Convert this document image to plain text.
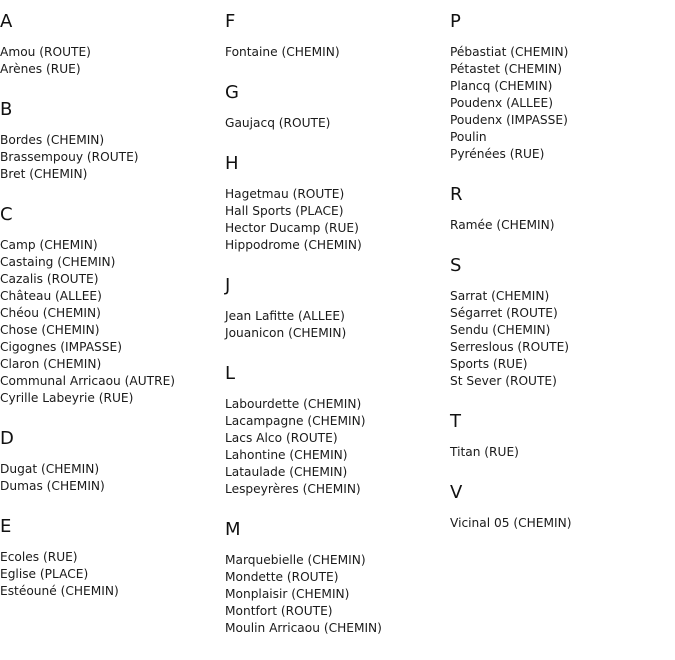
A
Amou (ROUTE)
Arènes (RUE)
B
Bordes (CHEMIN)
Brassempouy (ROUTE)
Bret (CHEMIN)
C
Camp (CHEMIN)
Castaing (CHEMIN)
Cazalis (ROUTE)
Château (ALLEE)
Chéou (CHEMIN)
Chose (CHEMIN)
Cigognes (IMPASSE)
Claron (CHEMIN)
Communal Arricaou (AUTRE)
Cyrille Labeyrie (RUE)
D
Dugat (CHEMIN)
Dumas (CHEMIN)
E
Ecoles (RUE)
Eglise (PLACE)
Estéouné (CHEMIN)
F
Fontaine (CHEMIN)
G
Gaujacq (ROUTE)
H
Hagetmau (ROUTE)
Hall Sports (PLACE)
Hector Ducamp (RUE)
Hippodrome (CHEMIN)
J
Jean Lafitte (ALLEE)
Jouanicon (CHEMIN)
L
Labourdette (CHEMIN)
Lacampagne (CHEMIN)
Lacs Alco (ROUTE)
Lahontine (CHEMIN)
Lataulade (CHEMIN)
Lespeyrères (CHEMIN)
M
Marquebielle (CHEMIN)
Mondette (ROUTE)
Monplaisir (CHEMIN)
Montfort (ROUTE)
Moulin Arricaou (CHEMIN)
P
Pébastiat (CHEMIN)
Pétastet (CHEMIN)
Plancq (CHEMIN)
Poudenx (ALLEE)
Poudenx (IMPASSE)
Poulin
Pyrénées (RUE)
R
Ramée (CHEMIN)
S
Sarrat (CHEMIN)
Ségarret (ROUTE)
Sendu (CHEMIN)
Serreslous (ROUTE)
Sports (RUE)
St Sever (ROUTE)
T
Titan (RUE)
V
Vicinal 05 (CHEMIN)
